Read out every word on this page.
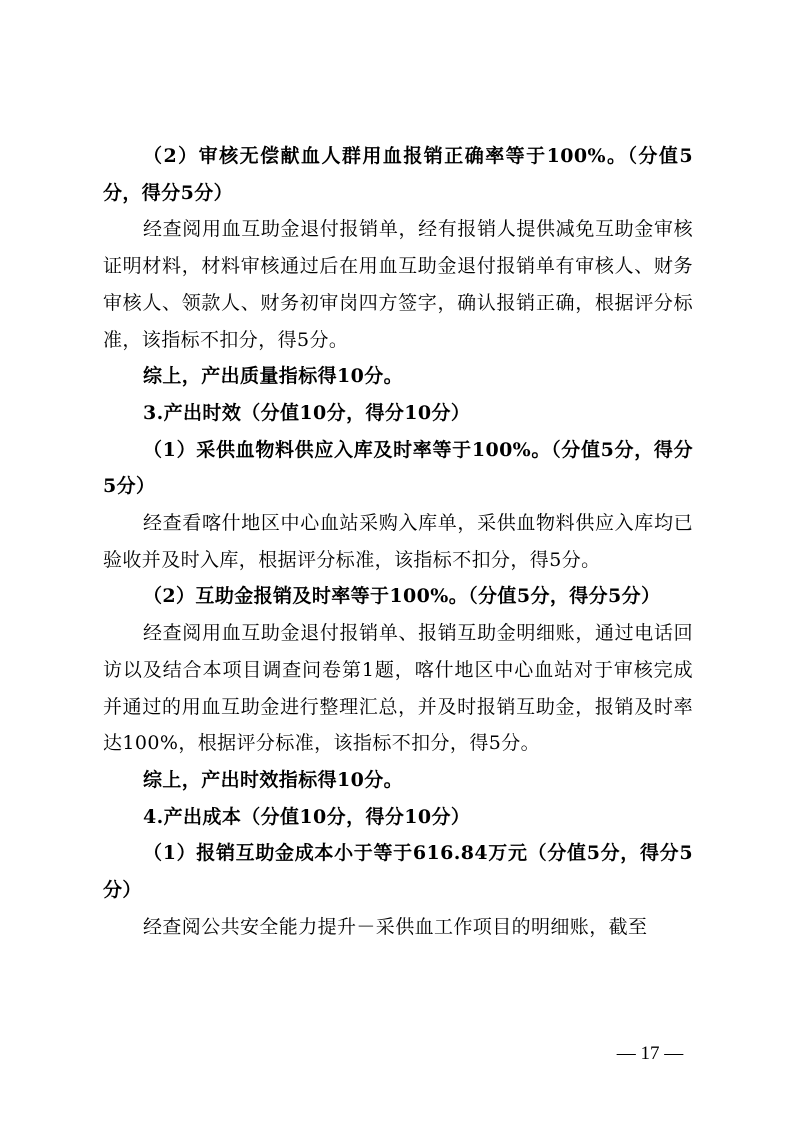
（2）审核无偿献血人群用血报销正确率等于100%。（分值5分，得分5分）

经查阅用血互助金退付报销单，经有报销人提供减免互助金审核证明材料，材料审核通过后在用血互助金退付报销单有审核人、财务审核人、领款人、财务初审岗四方签字，确认报销正确，根据评分标准，该指标不扣分，得5分。

综上，产出质量指标得10分。

3.产出时效（分值10分，得分10分）

（1）采供血物料供应入库及时率等于100%。（分值5分，得分5分）

经查看喀什地区中心血站采购入库单，采供血物料供应入库均已验收并及时入库，根据评分标准，该指标不扣分，得5分。

（2）互助金报销及时率等于100%。（分值5分，得分5分）

经查阅用血互助金退付报销单、报销互助金明细账，通过电话回访以及结合本项目调查问卷第1题，喀什地区中心血站对于审核完成并通过的用血互助金进行整理汇总，并及时报销互助金，报销及时率达100%，根据评分标准，该指标不扣分，得5分。

综上，产出时效指标得10分。

4.产出成本（分值10分，得分10分）

（1）报销互助金成本小于等于616.84万元（分值5分，得分5分）

经查阅公共安全能力提升－采供血工作项目的明细账，截至

— 17 —
